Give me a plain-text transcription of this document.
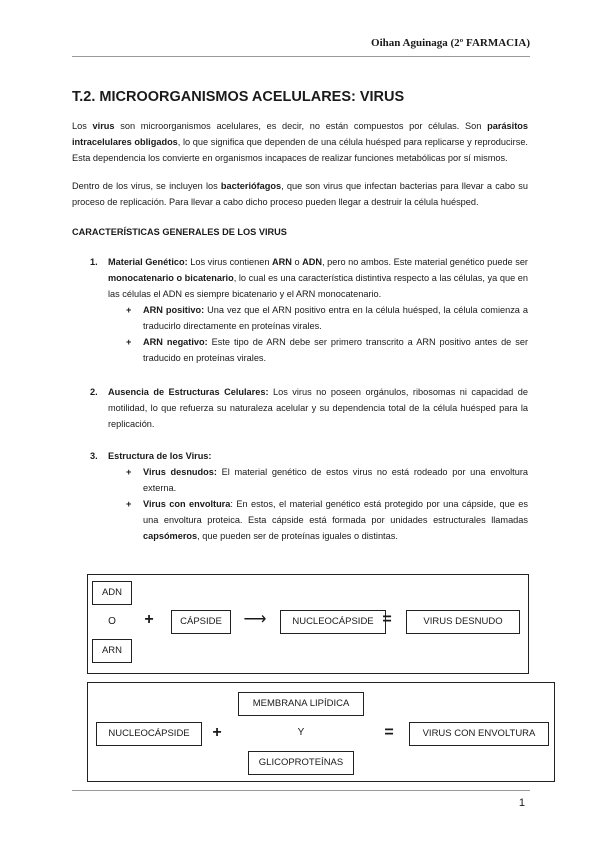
Oihan Aguinaga (2º FARMACIA)
T.2. MICROORGANISMOS ACELULARES: VIRUS

Los virus son microorganismos acelulares, es decir, no están compuestos por células. Son parásitos intracelulares obligados, lo que significa que dependen de una célula huésped para replicarse y reproducirse. Esta dependencia los convierte en organismos incapaces de realizar funciones metabólicas por sí mismos.

Dentro de los virus, se incluyen los bacteriófagos, que son virus que infectan bacterias para llevar a cabo su proceso de replicación. Para llevar a cabo dicho proceso pueden llegar a destruir la célula huésped.

CARACTERÍSTICAS GENERALES DE LOS VIRUS
1. Material Genético: Los virus contienen ARN o ADN, pero no ambos. Este material genético puede ser monocatenario o bicatenario, lo cual es una característica distintiva respecto a las células, ya que en las células el ADN es siempre bicatenario y el ARN monocatenario.
+ ARN positivo: Una vez que el ARN positivo entra en la célula huésped, la célula comienza a traducirlo directamente en proteínas virales.
+ ARN negativo: Este tipo de ARN debe ser primero transcrito a ARN positivo antes de ser traducido en proteínas virales.
2. Ausencia de Estructuras Celulares: Los virus no poseen orgánulos, ribosomas ni capacidad de motilidad, lo que refuerza su naturaleza acelular y su dependencia total de la célula huésped para la replicación.
3. Estructura de los Virus:
+ Virus desnudos: El material genético de estos virus no está rodeado por una envoltura externa.
+ Virus con envoltura: En estos, el material genético está protegido por una cápside, que es una envoltura proteica. Esta cápside está formada por unidades estructurales llamadas capsómeros, que pueden ser de proteínas iguales o distintas.
ADN
O
ARN
+	CÁPSIDE	⟶	NUCLEOCÁPSIDE =	VIRUS DESNUDO
NUCLEOCÁPSIDE	+
MEMBRANA LIPÍDICA
Y
GLICOPROTEÍNAS
=	VIRUS CON ENVOLTURA
1
